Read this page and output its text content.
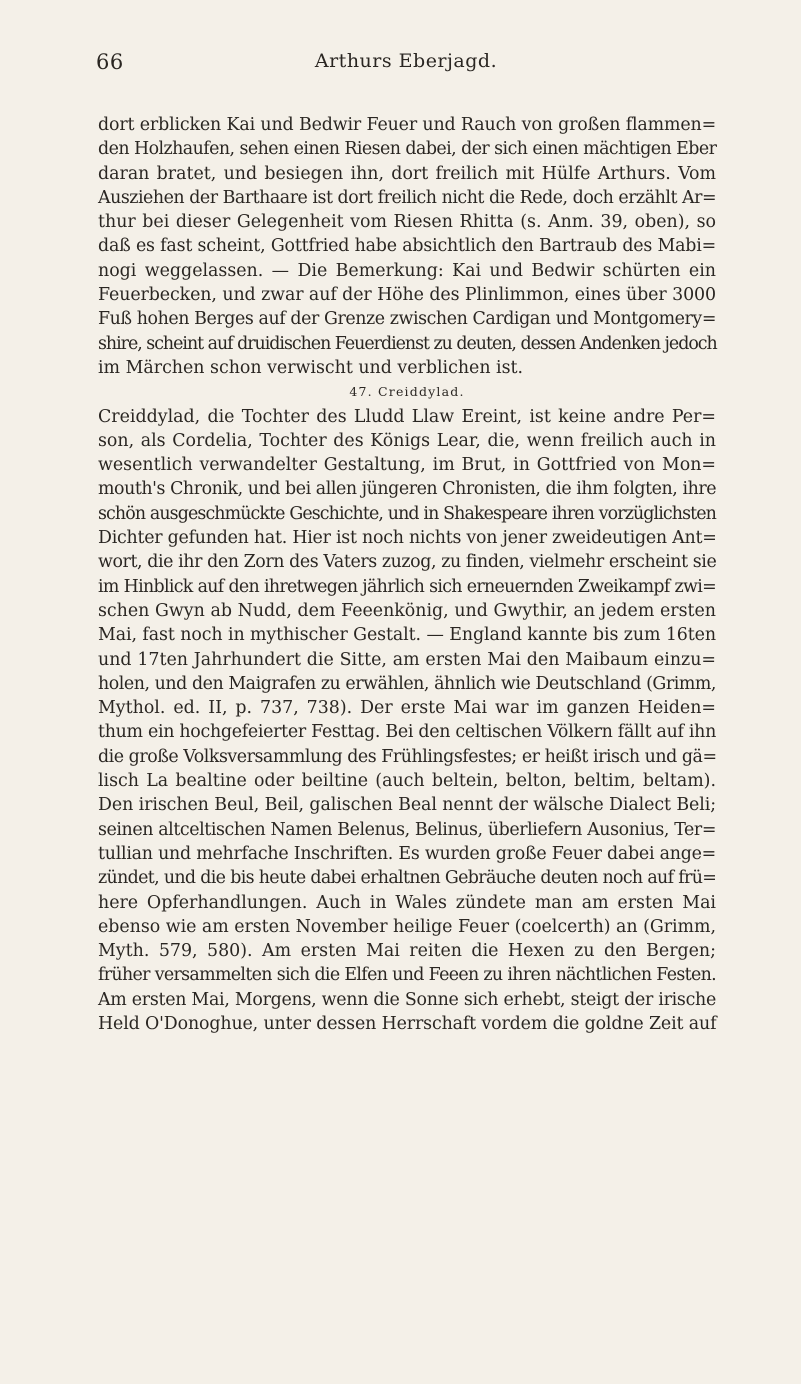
66	Arthurs Eberjagd.
dort erblicken Kai und Bedwir Feuer und Rauch von großen flammen=
den Holzhaufen, sehen einen Riesen dabei, der sich einen mächtigen Eber
daran bratet, und besiegen ihn, dort freilich mit Hülfe Arthurs. Vom
Ausziehen der Barthaare ist dort freilich nicht die Rede, doch erzählt Ar=
thur bei dieser Gelegenheit vom Riesen Rhitta (s. Anm. 39, oben), so
daß es fast scheint, Gottfried habe absichtlich den Bartraub des Mabi=
nogi weggelassen. — Die Bemerkung: Kai und Bedwir schürten ein
Feuerbecken, und zwar auf der Höhe des Plinlimmon, eines über 3000
Fuß hohen Berges auf der Grenze zwischen Cardigan und Montgomery=
shire, scheint auf druidischen Feuerdienst zu deuten, dessen Andenken jedoch
im Märchen schon verwischt und verblichen ist.
47. Creiddylad.
Creiddylad, die Tochter des Lludd Llaw Ereint, ist keine andre Per=
son, als Cordelia, Tochter des Königs Lear, die, wenn freilich auch in
wesentlich verwandelter Gestaltung, im Brut, in Gottfried von Mon=
mouth's Chronik, und bei allen jüngeren Chronisten, die ihm folgten, ihre
schön ausgeschmückte Geschichte, und in Shakespeare ihren vorzüglichsten
Dichter gefunden hat. Hier ist noch nichts von jener zweideutigen Ant=
wort, die ihr den Zorn des Vaters zuzog, zu finden, vielmehr erscheint sie
im Hinblick auf den ihretwegen jährlich sich erneuernden Zweikampf zwi=
schen Gwyn ab Nudd, dem Feeenkönig, und Gwythir, an jedem ersten
Mai, fast noch in mythischer Gestalt. — England kannte bis zum 16ten
und 17ten Jahrhundert die Sitte, am ersten Mai den Maibaum einzu=
holen, und den Maigrafen zu erwählen, ähnlich wie Deutschland (Grimm,
Mythol. ed. II, p. 737, 738). Der erste Mai war im ganzen Heiden=
thum ein hochgefeierter Festtag. Bei den celtischen Völkern fällt auf ihn
die große Volksversammlung des Frühlingsfestes; er heißt irisch und gä=
lisch La bealtine oder beiltine (auch beltein, belton, beltim, beltam).
Den irischen Beul, Beil, galischen Beal nennt der wälsche Dialect Beli;
seinen altceltischen Namen Belenus, Belinus, überliefern Ausonius, Ter=
tullian und mehrfache Inschriften. Es wurden große Feuer dabei ange=
zündet, und die bis heute dabei erhaltnen Gebräuche deuten noch auf frü=
here Opferhandlungen. Auch in Wales zündete man am ersten Mai
ebenso wie am ersten November heilige Feuer (coelcerth) an (Grimm,
Myth. 579, 580). Am ersten Mai reiten die Hexen zu den Bergen;
früher versammelten sich die Elfen und Feeen zu ihren nächtlichen Festen.
Am ersten Mai, Morgens, wenn die Sonne sich erhebt, steigt der irische
Held O'Donoghue, unter dessen Herrschaft vordem die goldne Zeit auf
